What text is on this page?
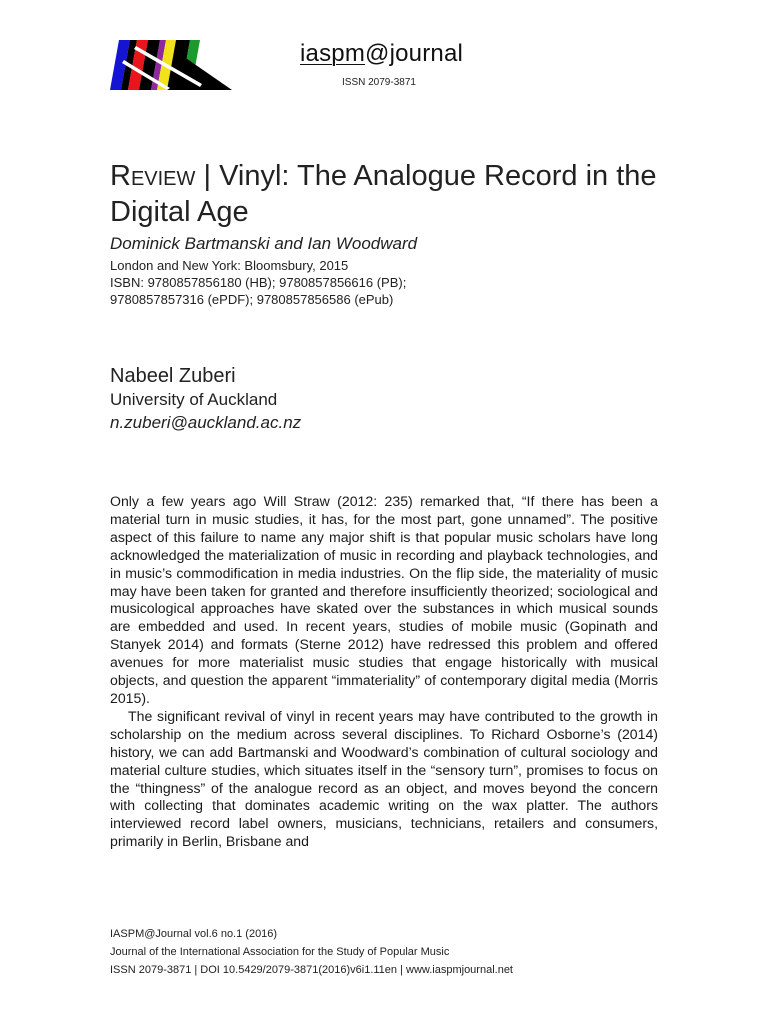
iaspm@journal
ISSN 2079-3871
Review | Vinyl: The Analogue Record in the Digital Age
Dominick Bartmanski and Ian Woodward
London and New York: Bloomsbury, 2015
ISBN: 9780857856180 (HB); 9780857856616 (PB);
9780857857316 (ePDF); 9780857856586 (ePub)
Nabeel Zuberi
University of Auckland
n.zuberi@auckland.ac.nz

Only a few years ago Will Straw (2012: 235) remarked that, “If there has been a material turn in music studies, it has, for the most part, gone unnamed”. The positive aspect of this failure to name any major shift is that popular music scholars have long acknowledged the materialization of music in recording and playback technologies, and in music’s commodification in media industries. On the flip side, the materiality of music may have been taken for granted and therefore insufficiently theorized; sociological and musicological approaches have skated over the substances in which musical sounds are embedded and used. In recent years, studies of mobile music (Gopinath and Stanyek 2014) and formats (Sterne 2012) have redressed this problem and offered avenues for more materialist music studies that engage historically with musical objects, and question the apparent “immateriality” of contemporary digital media (Morris 2015).

The significant revival of vinyl in recent years may have contributed to the growth in scholarship on the medium across several disciplines. To Richard Osborne’s (2014) history, we can add Bartmanski and Woodward’s combination of cultural sociology and material culture studies, which situates itself in the “sensory turn”, promises to focus on the “thingness” of the analogue record as an object, and moves beyond the concern with collecting that dominates academic writing on the wax platter. The authors interviewed record label owners, musicians, technicians, retailers and consumers, primarily in Berlin, Brisbane and

IASPM@Journal vol.6 no.1 (2016)
Journal of the International Association for the Study of Popular Music
ISSN 2079-3871 | DOI 10.5429/2079-3871(2016)v6i1.11en | www.iaspmjournal.net
